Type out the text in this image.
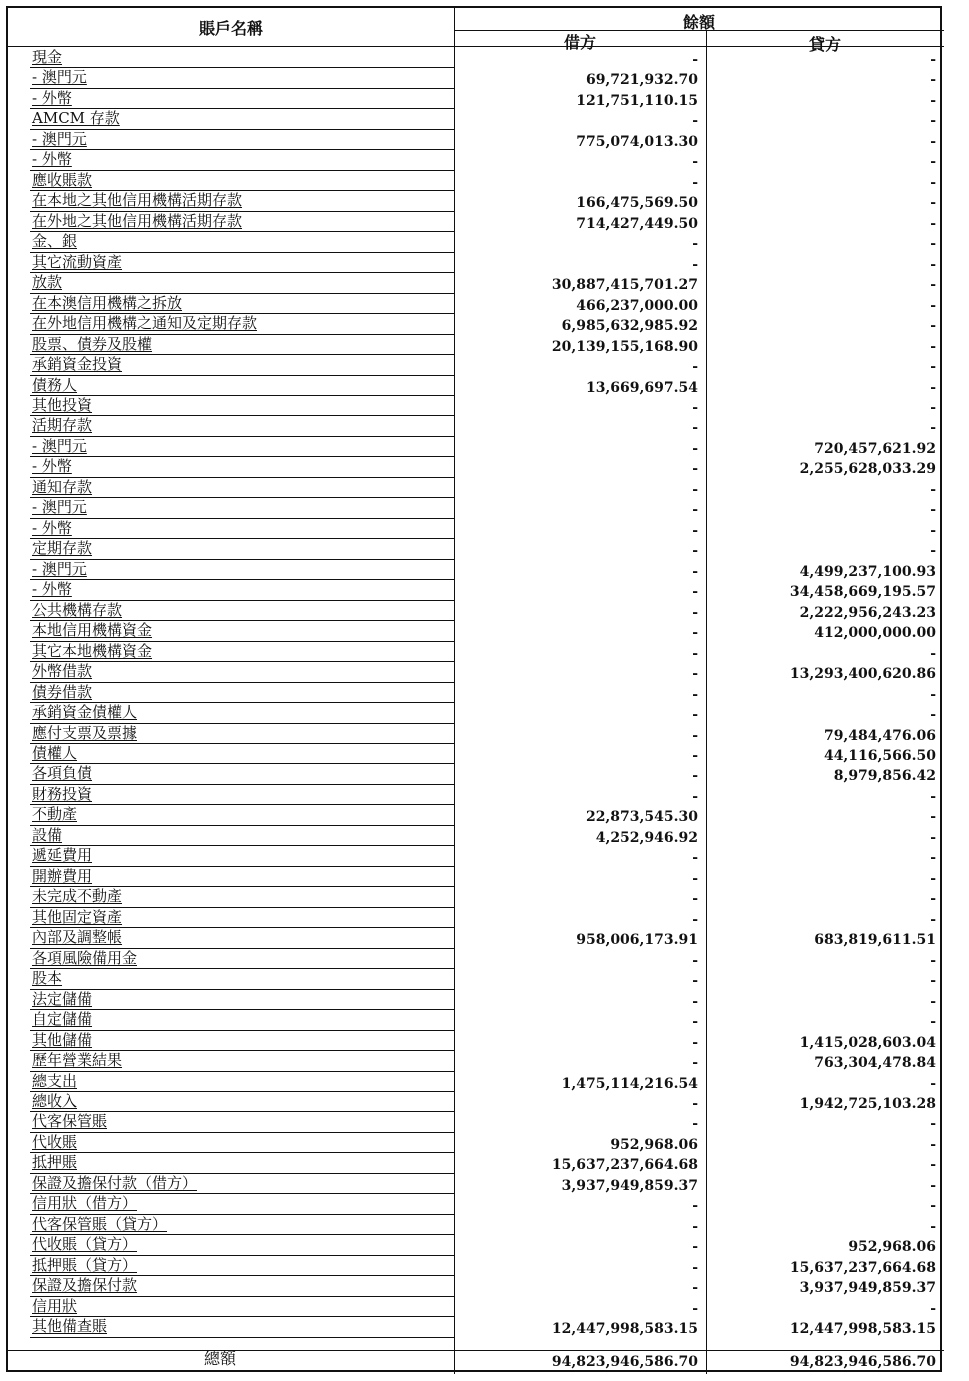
賬戶名稱	餘額
借方	貸方
現金	-	-
- 澳門元	69,721,932.70	-
- 外幣	121,751,110.15	-
AMCM 存款	-	-
- 澳門元	775,074,013.30	-
- 外幣	-	-
應收賬款	-	-
在本地之其他信用機構活期存款	166,475,569.50	-
在外地之其他信用機構活期存款	714,427,449.50	-
金、銀	-	-
其它流動資產	-	-
放款	30,887,415,701.27	-
在本澳信用機構之拆放	466,237,000.00	-
在外地信用機構之通知及定期存款	6,985,632,985.92	-
股票、債券及股權	20,139,155,168.90	-
承銷資金投資	-	-
債務人	13,669,697.54	-
其他投資	-	-
活期存款	-	-
- 澳門元	-	720,457,621.92
- 外幣	-	2,255,628,033.29
通知存款	-	-
- 澳門元	-	-
- 外幣	-	-
定期存款	-	-
- 澳門元	-	4,499,237,100.93
- 外幣	-	34,458,669,195.57
公共機構存款	-	2,222,956,243.23
本地信用機構資金	-	412,000,000.00
其它本地機構資金	-	-
外幣借款	-	13,293,400,620.86
債券借款	-	-
承銷資金債權人	-	-
應付支票及票據	-	79,484,476.06
債權人	-	44,116,566.50
各項負債	-	8,979,856.42
財務投資	-	-
不動產	22,873,545.30	-
設備	4,252,946.92	-
遞延費用	-	-
開辦費用	-	-
未完成不動產	-	-
其他固定資產	-	-
內部及調整帳	958,006,173.91	683,819,611.51
各項風險備用金	-	-
股本	-	-
法定儲備	-	-
自定儲備	-	-
其他儲備	-	1,415,028,603.04
歷年營業結果	-	763,304,478.84
總支出	1,475,114,216.54	-
總收入	-	1,942,725,103.28
代客保管賬	-	-
代收賬	952,968.06	-
抵押賬	15,637,237,664.68	-
保證及擔保付款（借方）	3,937,949,859.37	-
信用狀（借方）	-	-
代客保管賬（貸方）	-	-
代收賬（貸方）	-	952,968.06
抵押賬（貸方）	-	15,637,237,664.68
保證及擔保付款	-	3,937,949,859.37
信用狀	-	-
其他備查賬	12,447,998,583.15	12,447,998,583.15
總額	94,823,946,586.70	94,823,946,586.70
